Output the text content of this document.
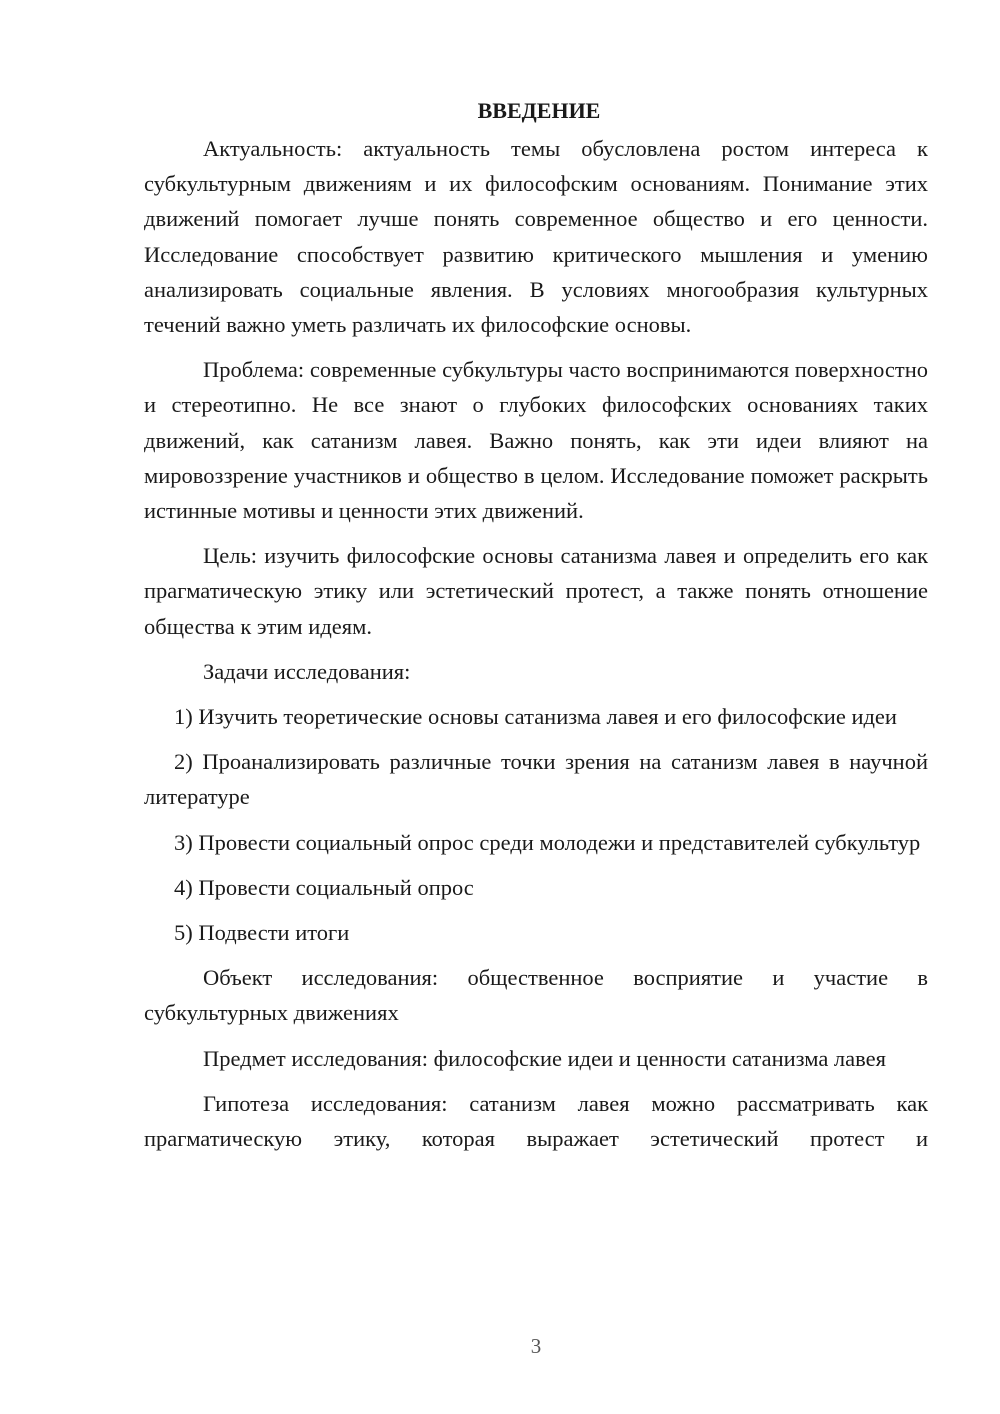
ВВЕДЕНИЕ

Актуальность: актуальность темы обусловлена ростом интереса к субкультурным движениям и их философским основаниям. Понимание этих движений помогает лучше понять современное общество и его ценности. Исследование способствует развитию критического мышления и умению анализировать социальные явления. В условиях многообразия культурных течений важно уметь различать их философские основы.

Проблема: современные субкультуры часто воспринимаются поверхностно и стереотипно. Не все знают о глубоких философских основаниях таких движений, как сатанизм лавея. Важно понять, как эти идеи влияют на мировоззрение участников и общество в целом. Исследование поможет раскрыть истинные мотивы и ценности этих движений.

Цель: изучить философские основы сатанизма лавея и определить его как прагматическую этику или эстетический протест, а также понять отношение общества к этим идеям.

Задачи исследования:

1) Изучить теоретические основы сатанизма лавея и его философские идеи

2) Проанализировать различные точки зрения на сатанизм лавея в научной литературе

3) Провести социальный опрос среди молодежи и представителей субкультур

4) Провести социальный опрос

5) Подвести итоги

Объект исследования: общественное восприятие и участие в субкультурных движениях

Предмет исследования: философские идеи и ценности сатанизма лавея

Гипотеза исследования: сатанизм лавея можно рассматривать как прагматическую этику, которая выражает эстетический протест и

3
